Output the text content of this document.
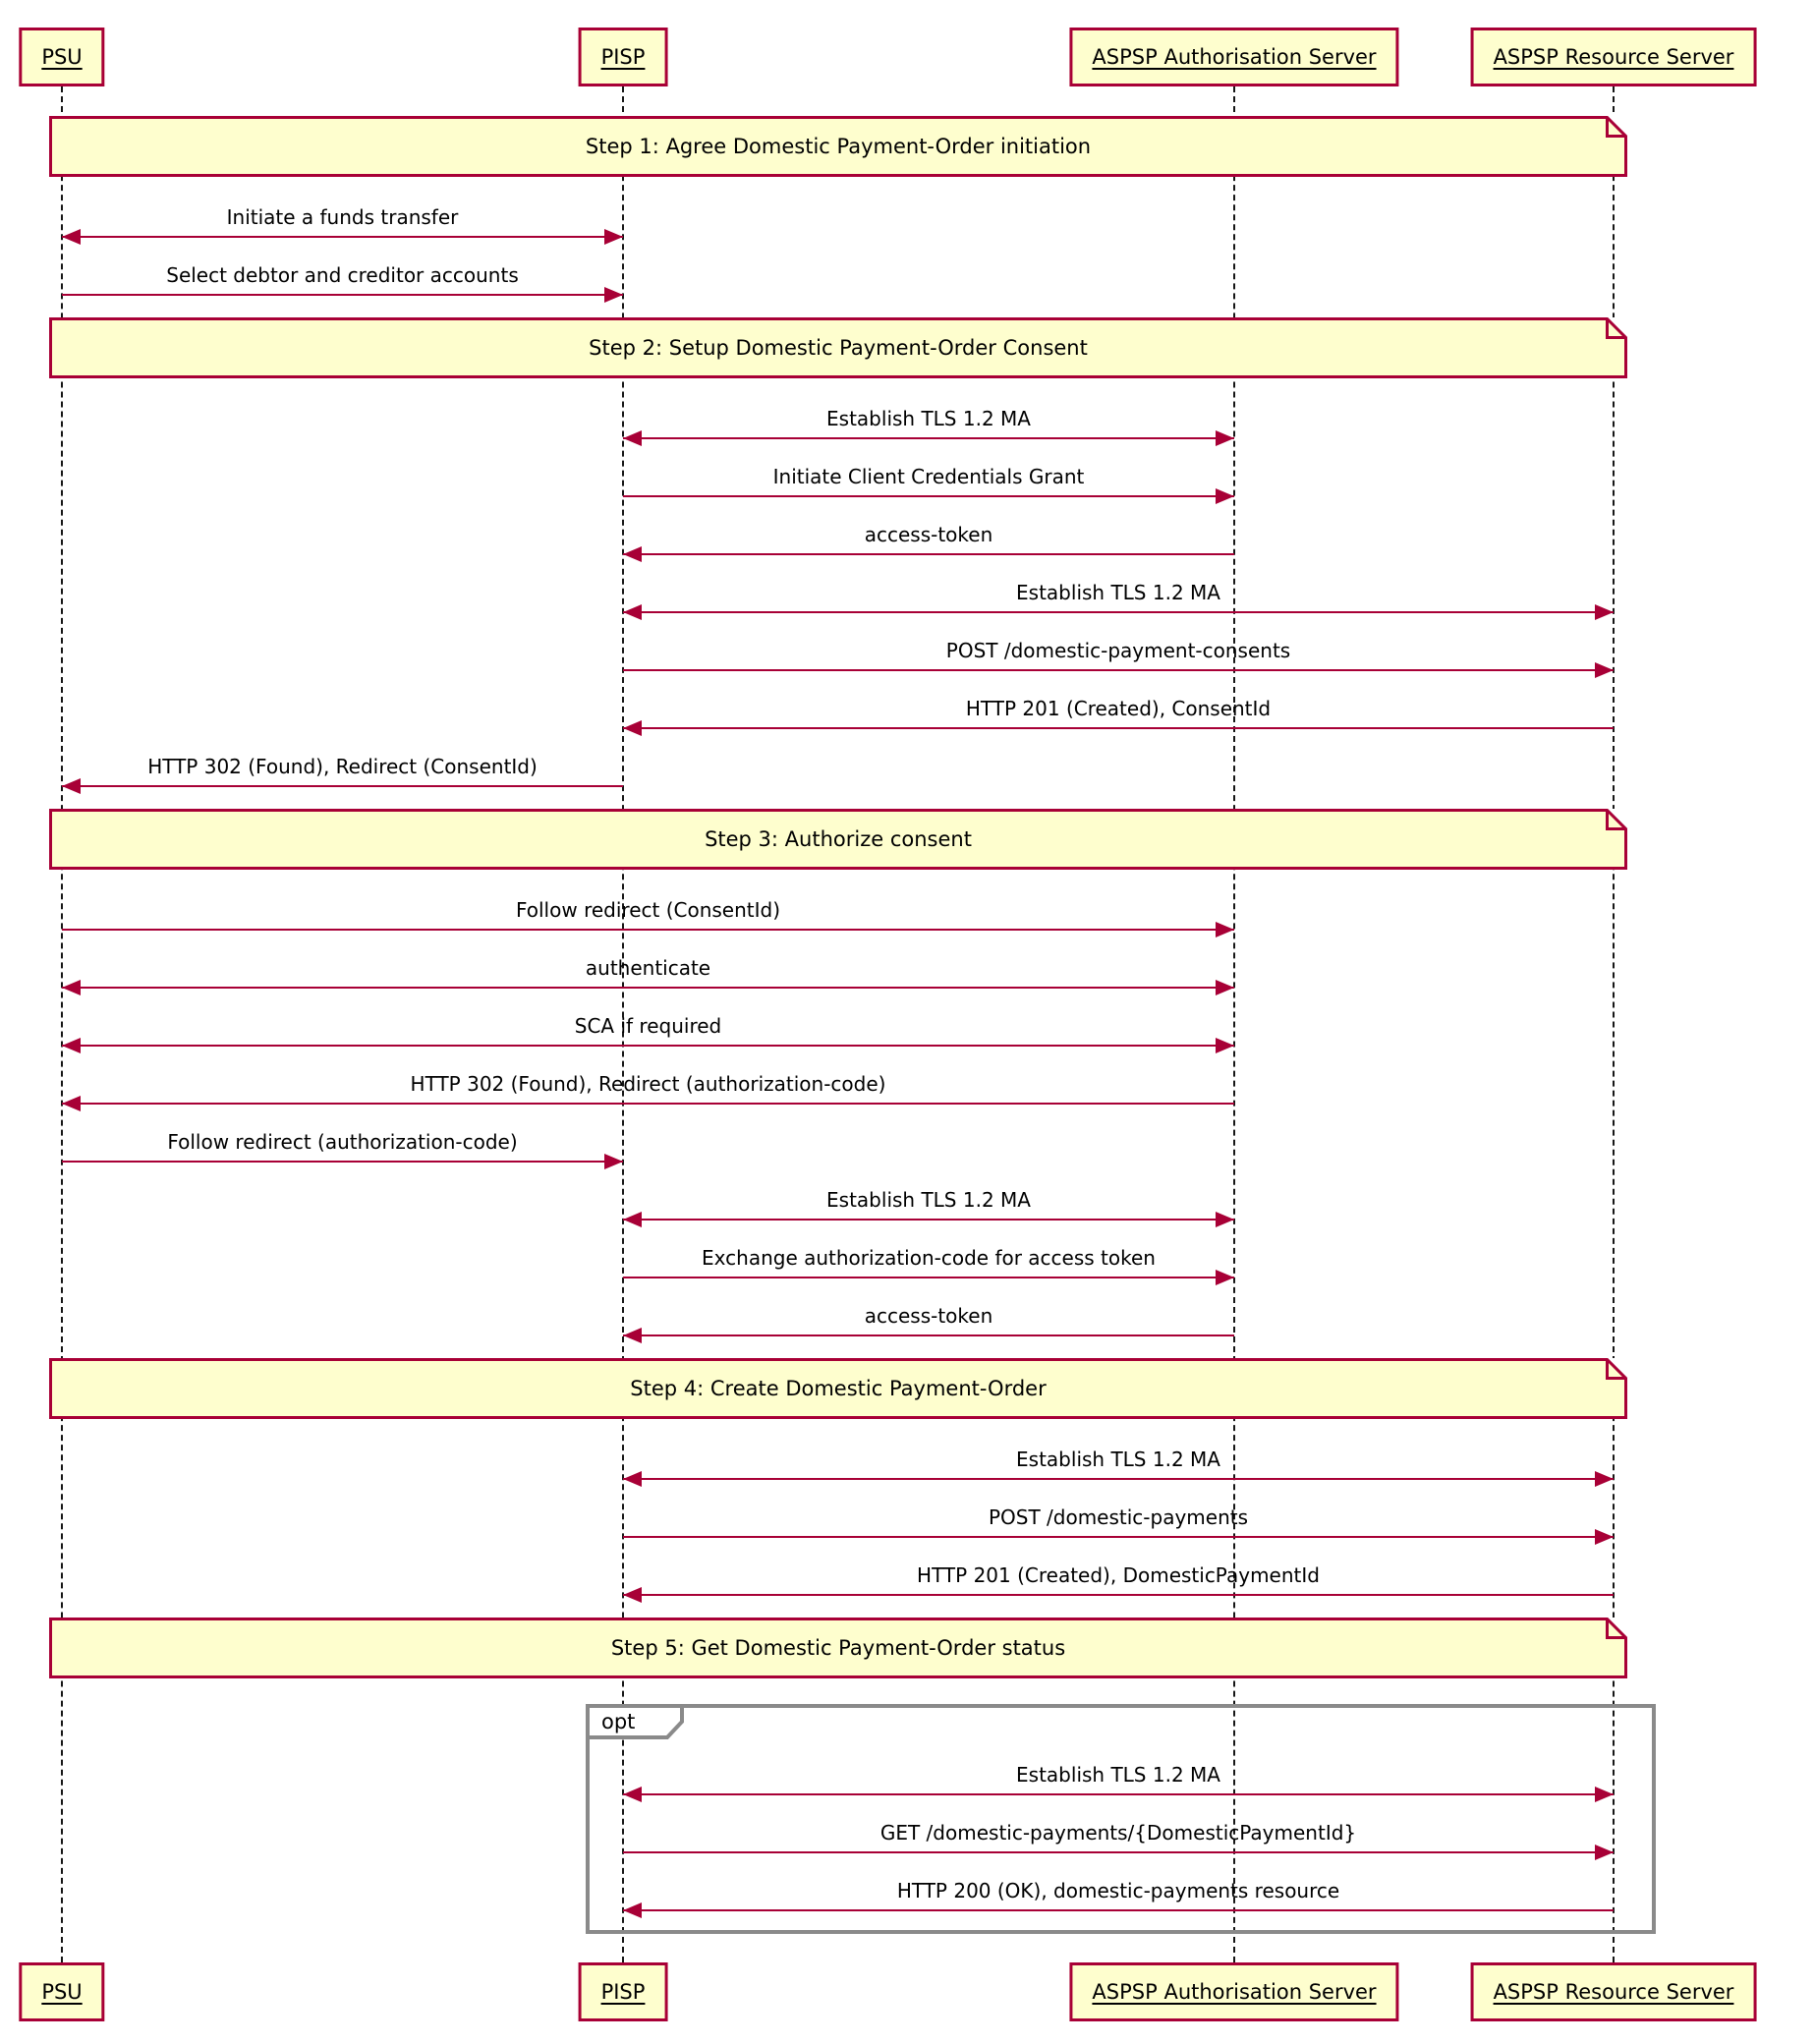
PSU
PSU
PISP
PISP
ASPSP Authorisation Server
ASPSP Authorisation Server
ASPSP Resource Server
ASPSP Resource Server
Step 1: Agree Domestic Payment-Order initiation
Initiate a funds transfer
Select debtor and creditor accounts
Step 2: Setup Domestic Payment-Order Consent
Establish TLS 1.2 MA
Initiate Client Credentials Grant
access-token
Establish TLS 1.2 MA
POST /domestic-payment-consents
HTTP 201 (Created), ConsentId
HTTP 302 (Found), Redirect (ConsentId)
Step 3: Authorize consent
Follow redirect (ConsentId)
authenticate
SCA if required
HTTP 302 (Found), Redirect (authorization-code)
Follow redirect (authorization-code)
Establish TLS 1.2 MA
Exchange authorization-code for access token
access-token
Step 4: Create Domestic Payment-Order
Establish TLS 1.2 MA
POST /domestic-payments
HTTP 201 (Created), DomesticPaymentId
Step 5: Get Domestic Payment-Order status
Establish TLS 1.2 MA
GET /domestic-payments/{DomesticPaymentId}
HTTP 200 (OK), domestic-payments resource
opt
